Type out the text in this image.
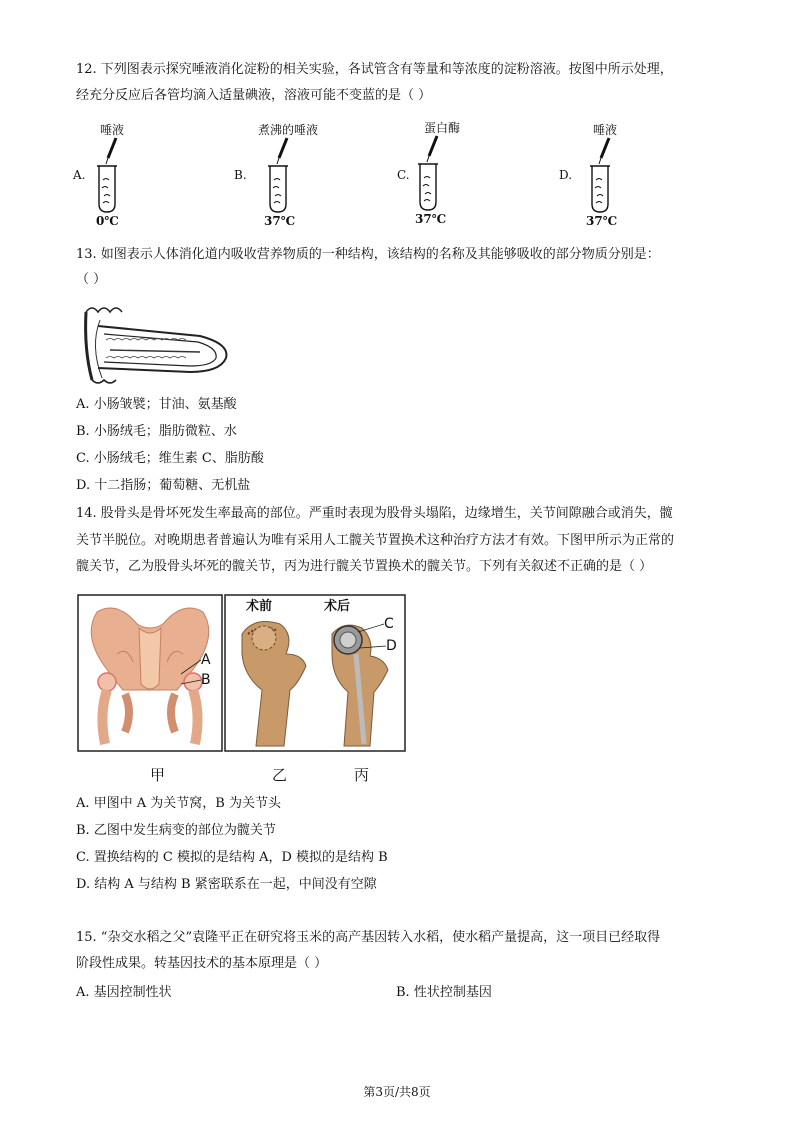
12. 下列图表示探究唾液消化淀粉的相关实验，各试管含有等量和等浓度的淀粉溶液。按图中所示处理，
经充分反应后各管均滴入适量碘液，溶液可能不变蓝的是（ ）
A.
唾液
0℃
B.
煮沸的唾液
37℃
C.
蛋白酶
37℃
D.
唾液
37℃
13. 如图表示人体消化道内吸收营养物质的一种结构，该结构的名称及其能够吸收的部分物质分别是：
（ ）
A. 小肠皱襞；甘油、氨基酸
B. 小肠绒毛；脂肪微粒、水
C. 小肠绒毛；维生素 C、脂肪酸
D. 十二指肠；葡萄糖、无机盐
14. 股骨头是骨坏死发生率最高的部位。严重时表现为股骨头塌陷，边缘增生，关节间隙融合或消失，髋
关节半脱位。对晚期患者普遍认为唯有采用人工髋关节置换术这种治疗方法才有效。下图甲所示为正常的
髋关节，乙为股骨头坏死的髋关节，丙为进行髋关节置换术的髋关节。下列有关叙述不正确的是（ ）
A
B
术前	术后
C
D
甲	乙	丙
A. 甲图中 A 为关节窝，B 为关节头
B. 乙图中发生病变的部位为髋关节
C. 置换结构的 C 模拟的是结构 A，D 模拟的是结构 B
D. 结构 A 与结构 B 紧密联系在一起，中间没有空隙
15. “杂交水稻之父”袁隆平正在研究将玉米的高产基因转入水稻，使水稻产量提高，这一项目已经取得
阶段性成果。转基因技术的基本原理是（ ）
A. 基因控制性状	B. 性状控制基因
第3页/共8页
